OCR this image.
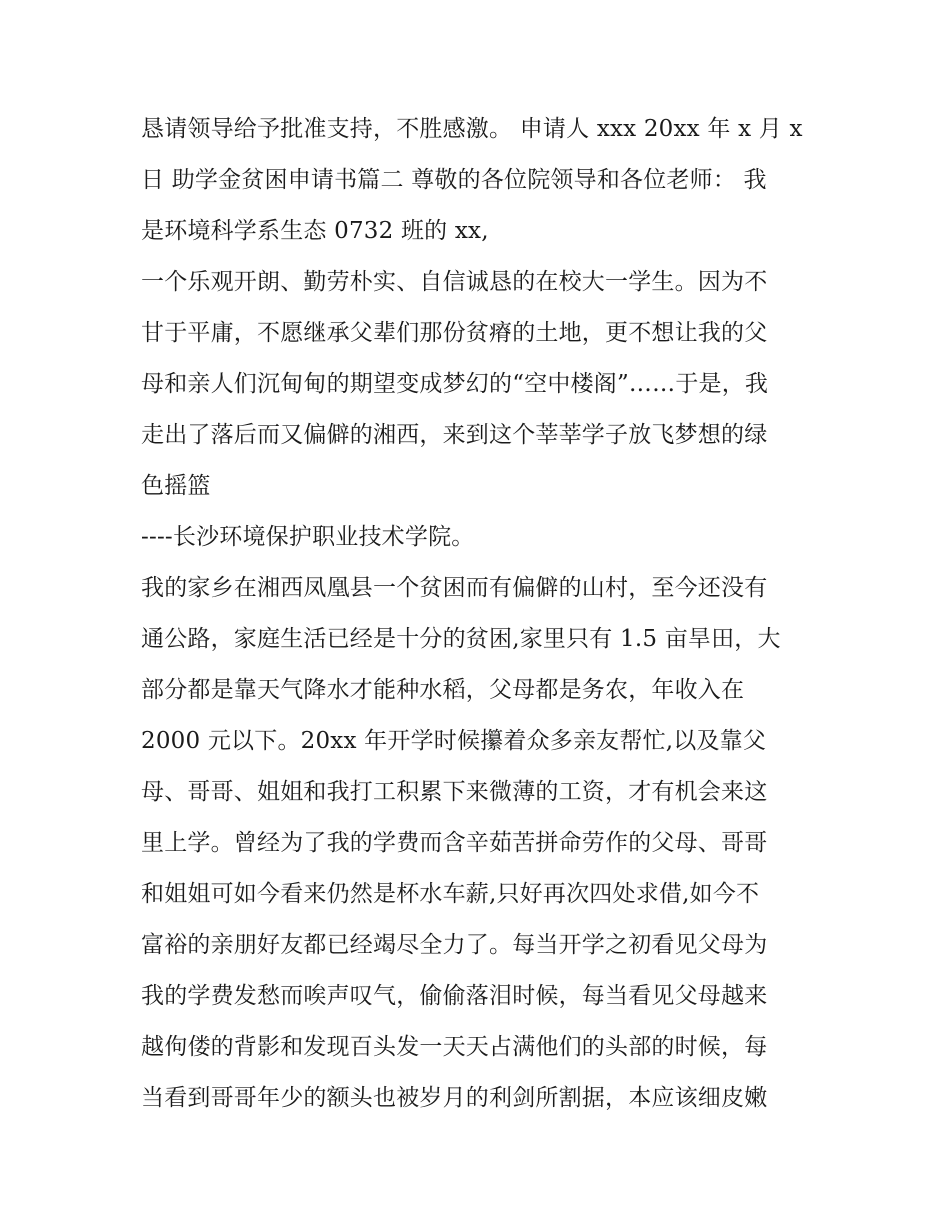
恳请领导给予批准支持，不胜感激。 申请人 xxx 20xx 年 x 月 x
日 助学金贫困申请书篇二 尊敬的各位院领导和各位老师： 我
是环境科学系生态 0732 班的 xx,
一个乐观开朗、勤劳朴实、自信诚恳的在校大一学生。因为不
甘于平庸，不愿继承父辈们那份贫瘠的土地，更不想让我的父
母和亲人们沉甸甸的期望变成梦幻的“空中楼阁”……于是，我
走出了落后而又偏僻的湘西，来到这个莘莘学子放飞梦想的绿
色摇篮
----长沙环境保护职业技术学院。
我的家乡在湘西凤凰县一个贫困而有偏僻的山村，至今还没有
通公路，家庭生活已经是十分的贫困,家里只有 1.5 亩旱田，大
部分都是靠天气降水才能种水稻，父母都是务农，年收入在
2000 元以下。20xx 年开学时候攥着众多亲友帮忙,以及靠父
母、哥哥、姐姐和我打工积累下来微薄的工资，才有机会来这
里上学。曾经为了我的学费而含辛茹苦拼命劳作的父母、哥哥
和姐姐可如今看来仍然是杯水车薪,只好再次四处求借,如今不
富裕的亲朋好友都已经竭尽全力了。每当开学之初看见父母为
我的学费发愁而唉声叹气，偷偷落泪时候，每当看见父母越来
越佝偻的背影和发现百头发一天天占满他们的头部的时候，每
当看到哥哥年少的额头也被岁月的利剑所割据，本应该细皮嫩
